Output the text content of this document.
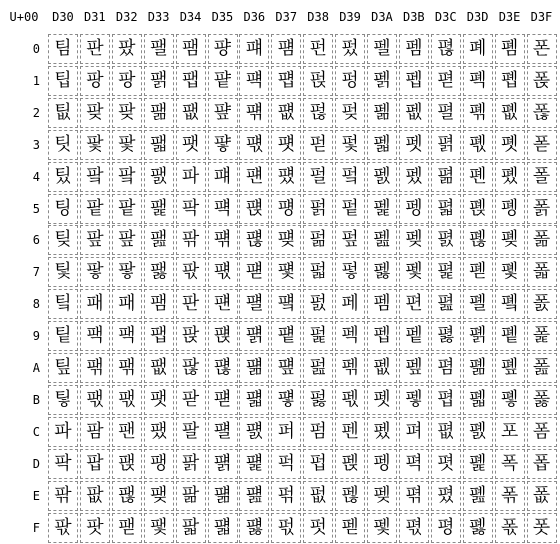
U+00	D30 D31 D32 D33 D34 D35 D36 D37 D38 D39 D3A D3B D3C D3D D3E D3F
0 팀 판 팠 팰 팸 퍙 퍠 퍰 펀 펐 펠 펨 펺 폐 폠 폰
1 팁 팡 팡 팱 팹 퍝 퍡 퍱 펁 펑 펡 펩 펻 폑 폡 폱
2 팂 팢 팢 팲 팺 퍞 퍢 퍲 펂 펒 펢 펪 펼 폒 폢 폲
3 팃 팣 팣 팳 팻 퍟 퍣 퍳 펃 펓 펣 펫 펽 폓 폣 폳
4 팄 팤 팤 팴 파 퍠 퍤 퍴 펄 펔 펤 펬 펾 폔 폤 폴
5 팅 팥 팥 팵 팍 퍡 퍥 퍵 펅 펕 펥 펭 펿 폕 폥 폵
6 팆 팦 팦 팶 팎 퍢 퍦 퍶 펆 펖 펦 펮 폀 폖 폦 폶
7 팇 팧 팧 팷 팏 퍣 퍧 퍷 펇 펗 펧 펯 폁 폗 폧 폷
8 팈 패 패 팸 판 퍤 퍨 퍸 펈 페 펨 편 폂 폘 폨 폸
9 팉 팩 팩 팹 팑 퍥 퍩 퍹 펉 펙 펩 펱 폃 폙 폩 폹
A 팊 팪 팪 팺 팒 퍦 퍪 퍺 펊 펚 펪 펲 폄 폚 폪 폺
B 팋 팫 팫 팻 팓 퍧 퍫 퍻 펋 펛 펫 펳 폅 폛 폫 폻
C 파 팜 팬 팼 팔 퍨 퍬 퍼 펌 펜 펬 펴 폆 폜 포 폼
D 팍 팝 팭 팽 팕 퍩 퍭 퍽 펍 펝 펭 펵 폇 폝 폭 폽
E 팎 팞 팮 팾 팖 퍪 퍮 퍾 펎 펞 펮 펶 폈 폞 폮 폾
F 팏 팟 팯 팿 팗 퍫 퍯 퍿 펏 펟 펯 펷 평 폟 폯 폿
